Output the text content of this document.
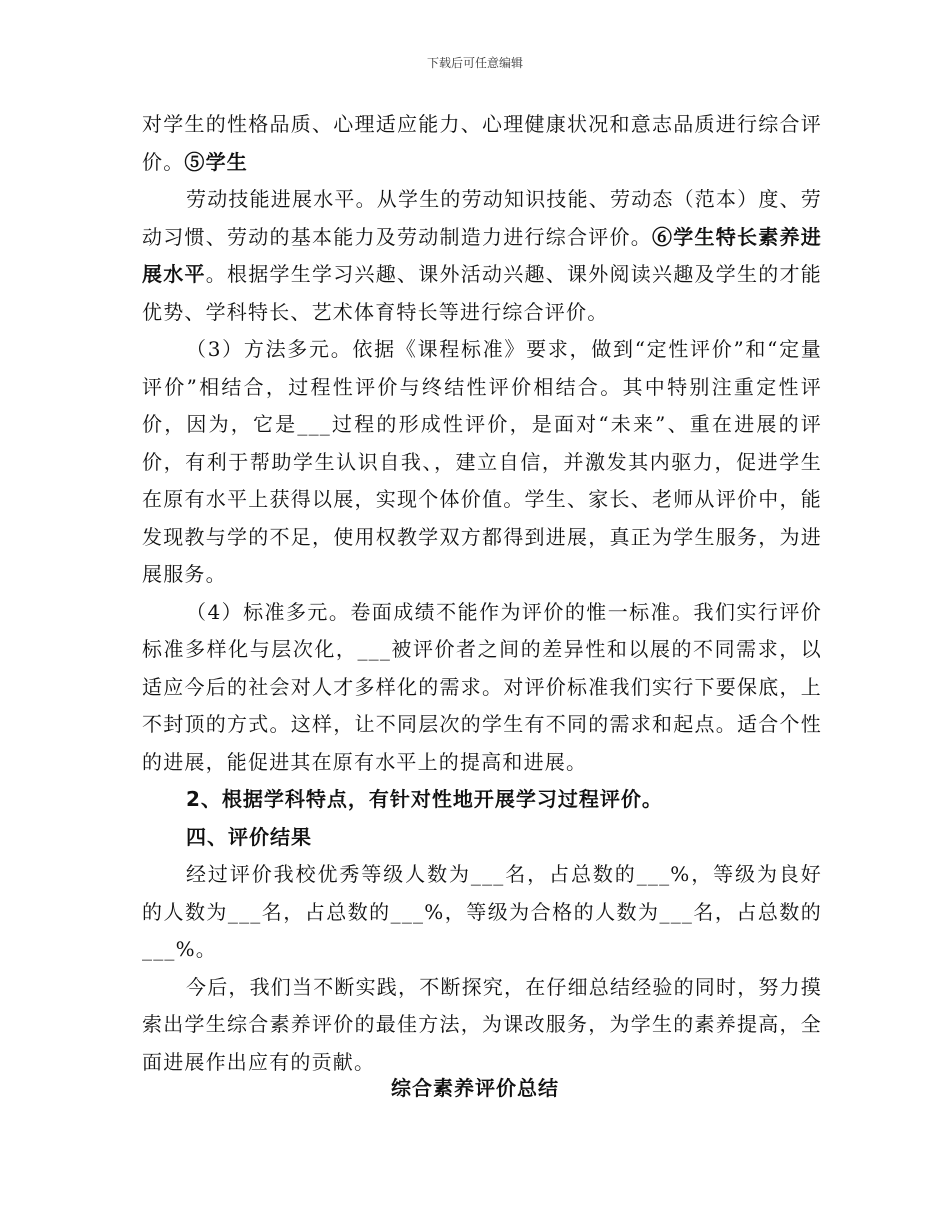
下载后可任意编辑

对学生的性格品质、心理适应能力、心理健康状况和意志品质进行综合评价。⑤学生

劳动技能进展水平。从学生的劳动知识技能、劳动态（范本）度、劳动习惯、劳动的基本能力及劳动制造力进行综合评价。⑥学生特长素养进展水平。根据学生学习兴趣、课外活动兴趣、课外阅读兴趣及学生的才能优势、学科特长、艺术体育特长等进行综合评价。

（3）方法多元。依据《课程标准》要求，做到“定性评价”和“定量评价”相结合，过程性评价与终结性评价相结合。其中特别注重定性评价，因为，它是___过程的形成性评价，是面对“未来”、重在进展的评价，有利于帮助学生认识自我、，建立自信，并激发其内驱力，促进学生在原有水平上获得以展，实现个体价值。学生、家长、老师从评价中，能发现教与学的不足，使用权教学双方都得到进展，真正为学生服务，为进展服务。

（4）标准多元。卷面成绩不能作为评价的惟一标准。我们实行评价标准多样化与层次化，___被评价者之间的差异性和以展的不同需求，以适应今后的社会对人才多样化的需求。对评价标准我们实行下要保底，上不封顶的方式。这样，让不同层次的学生有不同的需求和起点。适合个性的进展，能促进其在原有水平上的提高和进展。

2、根据学科特点，有针对性地开展学习过程评价。

四、评价结果

经过评价我校优秀等级人数为___名，占总数的___%，等级为良好的人数为___名，占总数的___%，等级为合格的人数为___名，占总数的___%。

今后，我们当不断实践，不断探究，在仔细总结经验的同时，努力摸索出学生综合素养评价的最佳方法，为课改服务，为学生的素养提高，全面进展作出应有的贡献。

综合素养评价总结
